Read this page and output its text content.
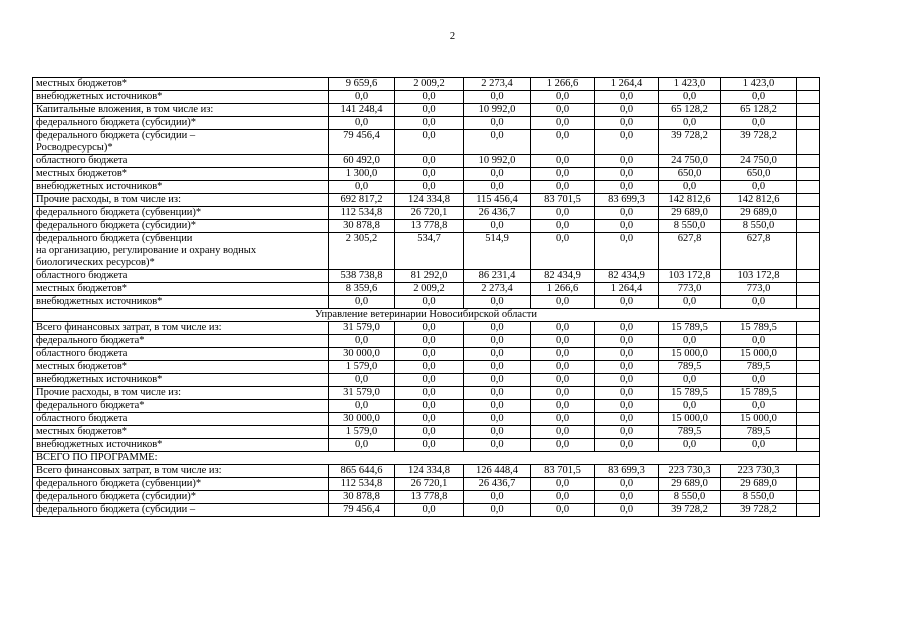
2
местных бюджетов*	9 659,6	2 009,2	2 273,4	1 266,6	1 264,4	1 423,0	1 423,0	
внебюджетных источников*	0,0	0,0	0,0	0,0	0,0	0,0	0,0	
Капитальные вложения, в том числе из:	141 248,4	0,0	10 992,0	0,0	0,0	65 128,2	65 128,2	
федерального бюджета (субсидии)*	0,0	0,0	0,0	0,0	0,0	0,0	0,0	
федерального бюджета (субсидии –
Росводресурсы)*	79 456,4	0,0	0,0	0,0	0,0	39 728,2	39 728,2	
областного бюджета	60 492,0	0,0	10 992,0	0,0	0,0	24 750,0	24 750,0	
местных бюджетов*	1 300,0	0,0	0,0	0,0	0,0	650,0	650,0	
внебюджетных источников*	0,0	0,0	0,0	0,0	0,0	0,0	0,0	
Прочие расходы, в том числе из:	692 817,2	124 334,8	115 456,4	83 701,5	83 699,3	142 812,6	142 812,6	
федерального бюджета (субвенции)*	112 534,8	26 720,1	26 436,7	0,0	0,0	29 689,0	29 689,0	
федерального бюджета (субсидии)*	30 878,8	13 778,8	0,0	0,0	0,0	8 550,0	8 550,0	
федерального бюджета (субвенции
на организацию, регулирование и охрану водных
биологических ресурсов)*	2 305,2	534,7	514,9	0,0	0,0	627,8	627,8	
областного бюджета	538 738,8	81 292,0	86 231,4	82 434,9	82 434,9	103 172,8	103 172,8	
местных бюджетов*	8 359,6	2 009,2	2 273,4	1 266,6	1 264,4	773,0	773,0	
внебюджетных источников*	0,0	0,0	0,0	0,0	0,0	0,0	0,0	
Управление ветеринарии Новосибирской области								
Всего финансовых затрат, в том числе из:	31 579,0	0,0	0,0	0,0	0,0	15 789,5	15 789,5	
федерального бюджета*	0,0	0,0	0,0	0,0	0,0	0,0	0,0	
областного бюджета	30 000,0	0,0	0,0	0,0	0,0	15 000,0	15 000,0	
местных бюджетов*	1 579,0	0,0	0,0	0,0	0,0	789,5	789,5	
внебюджетных источников*	0,0	0,0	0,0	0,0	0,0	0,0	0,0	
Прочие расходы, в том числе из:	31 579,0	0,0	0,0	0,0	0,0	15 789,5	15 789,5	
федерального бюджета*	0,0	0,0	0,0	0,0	0,0	0,0	0,0	
областного бюджета	30 000,0	0,0	0,0	0,0	0,0	15 000,0	15 000,0	
местных бюджетов*	1 579,0	0,0	0,0	0,0	0,0	789,5	789,5	
внебюджетных источников*	0,0	0,0	0,0	0,0	0,0	0,0	0,0	
ВСЕГО ПО ПРОГРАММЕ:								
Всего финансовых затрат, в том числе из:	865 644,6	124 334,8	126 448,4	83 701,5	83 699,3	223 730,3	223 730,3	
федерального бюджета (субвенции)*	112 534,8	26 720,1	26 436,7	0,0	0,0	29 689,0	29 689,0	
федерального бюджета (субсидии)*	30 878,8	13 778,8	0,0	0,0	0,0	8 550,0	8 550,0	
федерального бюджета (субсидии –	79 456,4	0,0	0,0	0,0	0,0	39 728,2	39 728,2	
